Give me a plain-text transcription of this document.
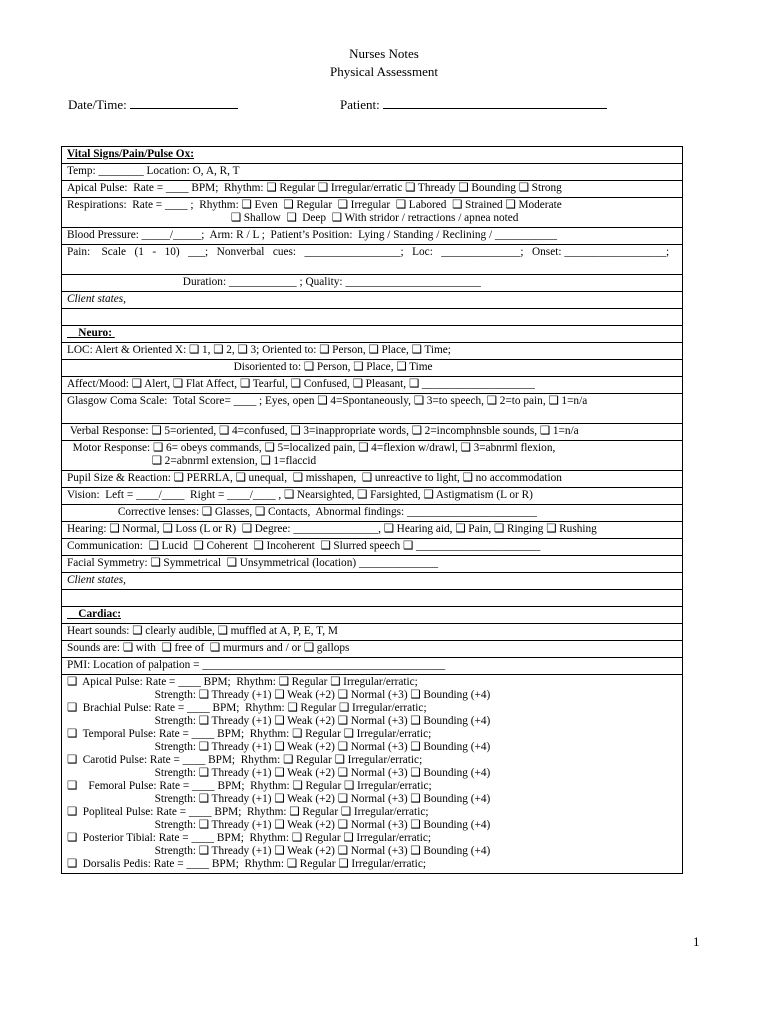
Nurses Notes
Physical Assessment
Date/Time:	Patient:
Vital Signs/Pain/Pulse Ox:
Temp: ________ Location: O, A, R, T
Apical Pulse:  Rate = ____ BPM;  Rhythm: ❑ Regular ❑ Irregular/erratic ❑ Thready ❑ Bounding ❑ Strong
Respirations:  Rate = ____ ;  Rhythm: ❑ Even  ❑ Regular  ❑ Irregular  ❑ Labored  ❑ Strained ❑ Moderate
❑ Shallow  ❑  Deep  ❑ With stridor / retractions / apnea noted
Blood Pressure: _____/_____;  Arm: R / L ;  Patient’s Position:  Lying / Standing / Reclining / ___________
Pain:    Scale   (1   -   10)   ___;   Nonverbal   cues:   _________________;   Loc:   ______________;   Onset: __________________;
Duration: ____________ ; Quality: ________________________
Client states,

Neuro:
LOC: Alert & Oriented X: ❑ 1, ❑ 2, ❑ 3; Oriented to: ❑ Person, ❑ Place, ❑ Time;
Disoriented to: ❑ Person, ❑ Place, ❑ Time
Affect/Mood: ❑ Alert, ❑ Flat Affect, ❑ Tearful, ❑ Confused, ❑ Pleasant, ❑ ____________________
Glasgow Coma Scale:  Total Score= ____ ; Eyes, open ❑ 4=Spontaneously, ❑ 3=to speech, ❑ 2=to pain, ❑ 1=n/a
Verbal Response: ❑ 5=oriented, ❑ 4=confused, ❑ 3=inappropriate words, ❑ 2=incomphnsble sounds, ❑ 1=n/a
Motor Response: ❑ 6= obeys commands, ❑ 5=localized pain, ❑ 4=flexion w/drawl, ❑ 3=abnrml flexion,
❑ 2=abnrml extension, ❑ 1=flaccid
Pupil Size & Reaction: ❑ PERRLA, ❑ unequal,  ❑ misshapen,  ❑ unreactive to light, ❑ no accommodation
Vision:  Left = ____/____  Right = ____/____ , ❑ Nearsighted, ❑ Farsighted, ❑ Astigmatism (L or R)
Corrective lenses: ❑ Glasses, ❑ Contacts,  Abnormal findings: _______________________
Hearing: ❑ Normal, ❑ Loss (L or R)  ❑ Degree: _______________, ❑ Hearing aid, ❑ Pain, ❑ Ringing ❑ Rushing
Communication:  ❑ Lucid  ❑ Coherent  ❑ Incoherent  ❑ Slurred speech ❑ ______________________
Facial Symmetry: ❑ Symmetrical  ❑ Unsymmetrical (location) ______________
Client states,

Cardiac:
Heart sounds: ❑ clearly audible, ❑ muffled at A, P, E, T, M
Sounds are: ❑ with  ❑ free of  ❑ murmurs and / or ❑ gallops
PMI: Location of palpation = ___________________________________________
❑  Apical Pulse: Rate = ____ BPM;  Rhythm: ❑ Regular ❑ Irregular/erratic;
Strength: ❑ Thready (+1) ❑ Weak (+2) ❑ Normal (+3) ❑ Bounding (+4)
❑  Brachial Pulse: Rate = ____ BPM;  Rhythm: ❑ Regular ❑ Irregular/erratic;
Strength: ❑ Thready (+1) ❑ Weak (+2) ❑ Normal (+3) ❑ Bounding (+4)
❑  Temporal Pulse: Rate = ____ BPM;  Rhythm: ❑ Regular ❑ Irregular/erratic;
Strength: ❑ Thready (+1) ❑ Weak (+2) ❑ Normal (+3) ❑ Bounding (+4)
❑  Carotid Pulse: Rate = ____ BPM;  Rhythm: ❑ Regular ❑ Irregular/erratic;
Strength: ❑ Thready (+1) ❑ Weak (+2) ❑ Normal (+3) ❑ Bounding (+4)
❑    Femoral Pulse: Rate = ____ BPM;  Rhythm: ❑ Regular ❑ Irregular/erratic;
Strength: ❑ Thready (+1) ❑ Weak (+2) ❑ Normal (+3) ❑ Bounding (+4)
❑  Popliteal Pulse: Rate = ____ BPM;  Rhythm: ❑ Regular ❑ Irregular/erratic;
Strength: ❑ Thready (+1) ❑ Weak (+2) ❑ Normal (+3) ❑ Bounding (+4)
❑  Posterior Tibial: Rate = ____ BPM;  Rhythm: ❑ Regular ❑ Irregular/erratic;
Strength: ❑ Thready (+1) ❑ Weak (+2) ❑ Normal (+3) ❑ Bounding (+4)
❑  Dorsalis Pedis: Rate = ____ BPM;  Rhythm: ❑ Regular ❑ Irregular/erratic;
1
